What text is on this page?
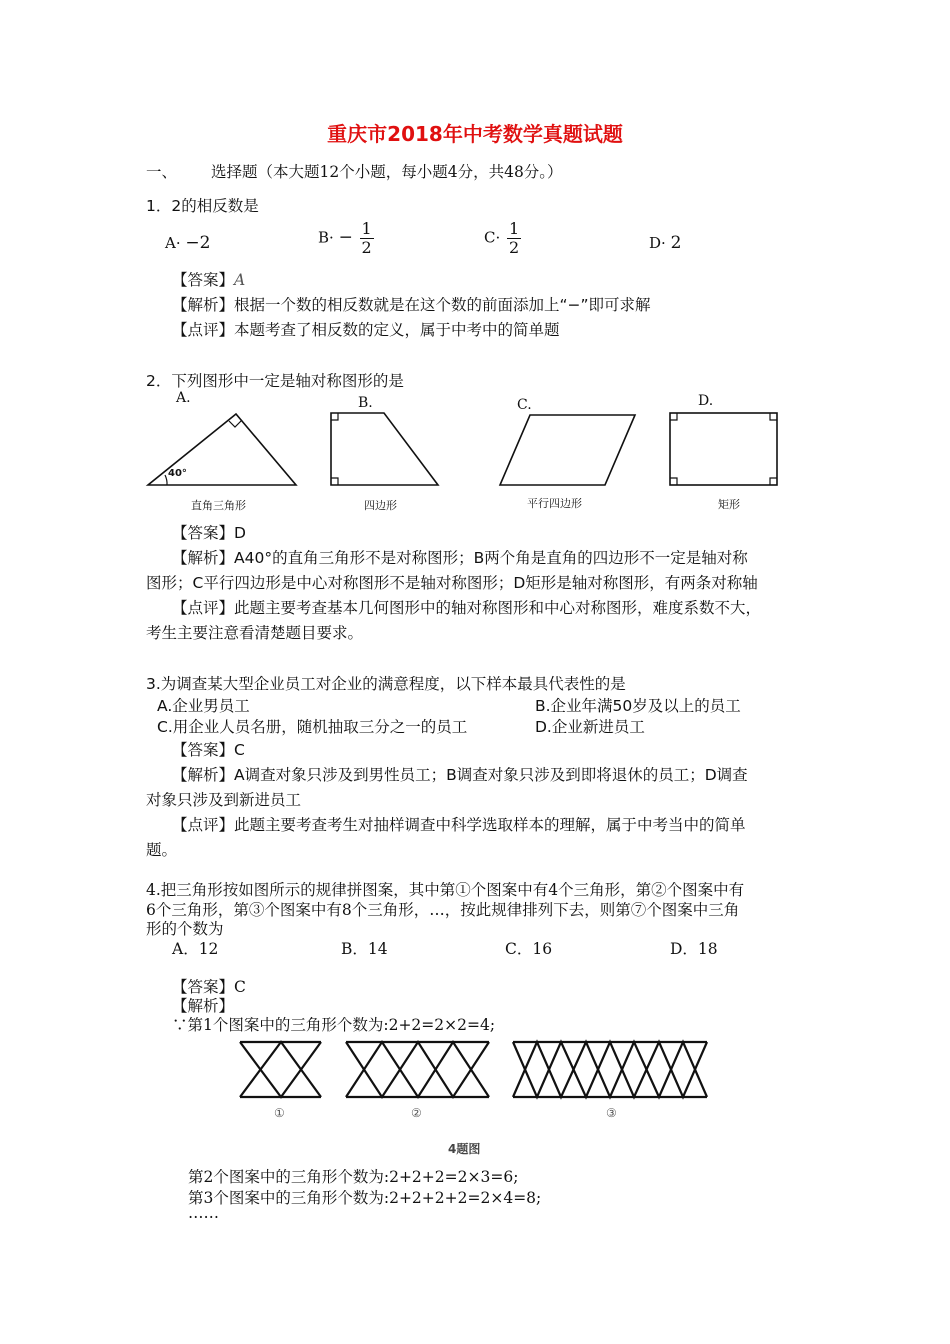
重庆市2018年中考数学真题试题
一、 选择题（本大题12个小题，每小题4分，共48分。）
1．2的相反数是
A· −2	$B\cdot - \frac{1}{2}$	$C\cdot \frac{1}{2}$	D· 2
【答案】A
【解析】根据一个数的相反数就是在这个数的前面添加上“−”即可求解
【点评】本题考查了相反数的定义，属于中考中的简单题
2．下列图形中一定是轴对称图形的是
A.	B.	C.	D.
40°
直角三角形	四边形	平行四边形	矩形
【答案】D
【解析】A40°的直角三角形不是对称图形；B两个角是直角的四边形不一定是轴对称
图形；C平行四边形是中心对称图形不是轴对称图形；D矩形是轴对称图形，有两条对称轴
【点评】此题主要考查基本几何图形中的轴对称图形和中心对称图形，难度系数不大，
考生主要注意看清楚题目要求。
3.为调查某大型企业员工对企业的满意程度，以下样本最具代表性的是
A.企业男员工	B.企业年满50岁及以上的员工
C.用企业人员名册，随机抽取三分之一的员工	D.企业新进员工
【答案】C
【解析】A调查对象只涉及到男性员工；B调查对象只涉及到即将退休的员工；D调查
对象只涉及到新进员工
【点评】此题主要考查考生对抽样调查中科学选取样本的理解，属于中考当中的简单
题。
4.把三角形按如图所示的规律拼图案，其中第①个图案中有4个三角形，第②个图案中有
6个三角形，第③个图案中有8个三角形，…，按此规律排列下去，则第⑦个图案中三角
形的个数为
A．12	B．14	C．16	D．18
【答案】C
【解析】
∵第1个图案中的三角形个数为:2+2=2×2=4;
①	②	③
4题图
第2个图案中的三角形个数为:2+2+2=2×3=6;
第3个图案中的三角形个数为:2+2+2+2=2×4=8;
……
